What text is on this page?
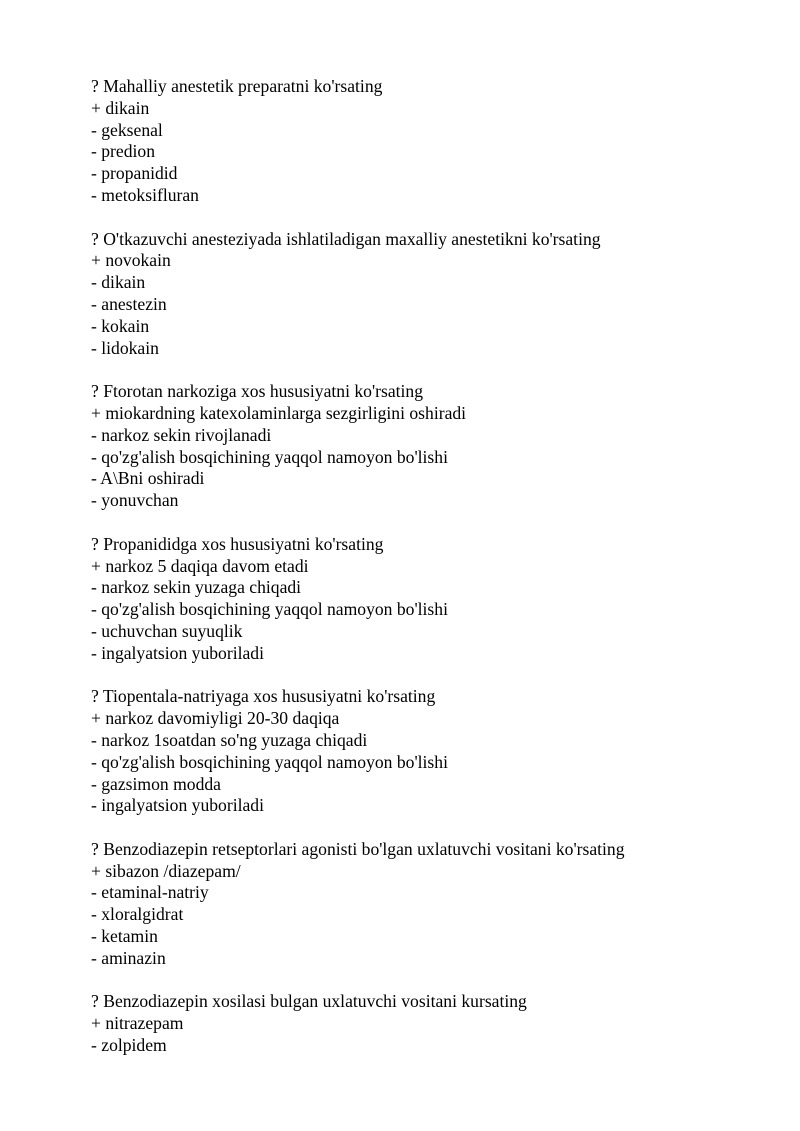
? Mahalliy anestetik preparatni ko'rsating
+ dikain
- geksenal
- predion
- propanidid
- metoksifluran
? O'tkazuvchi anesteziyada ishlatiladigan maxalliy anestetikni ko'rsating
+ novokain
- dikain
- anestezin
- kokain
- lidokain
? Ftorotan narkoziga xos hususiyatni ko'rsating
+ miokardning katexolaminlarga sezgirligini oshiradi
- narkoz sekin rivojlanadi
- qo'zg'alish bosqichining yaqqol namoyon bo'lishi
- A\Bni oshiradi
- yonuvchan
? Propanididga xos hususiyatni ko'rsating
+ narkoz 5 daqiqa davom etadi
- narkoz sekin yuzaga chiqadi
- qo'zg'alish bosqichining yaqqol namoyon bo'lishi
- uchuvchan suyuqlik
- ingalyatsion yuboriladi
? Tiopentala-natriyaga xos hususiyatni ko'rsating
+ narkoz davomiyligi 20-30 daqiqa
- narkoz 1soatdan so'ng yuzaga chiqadi
- qo'zg'alish bosqichining yaqqol namoyon bo'lishi
- gazsimon modda
- ingalyatsion yuboriladi
? Benzodiazepin retseptorlari agonisti bo'lgan uxlatuvchi vositani ko'rsating
+ sibazon /diazepam/
- etaminal-natriy
- xloralgidrat
- ketamin
- aminazin
? Benzodiazepin xosilasi bulgan uxlatuvchi vositani kursating
+ nitrazepam
- zolpidem
